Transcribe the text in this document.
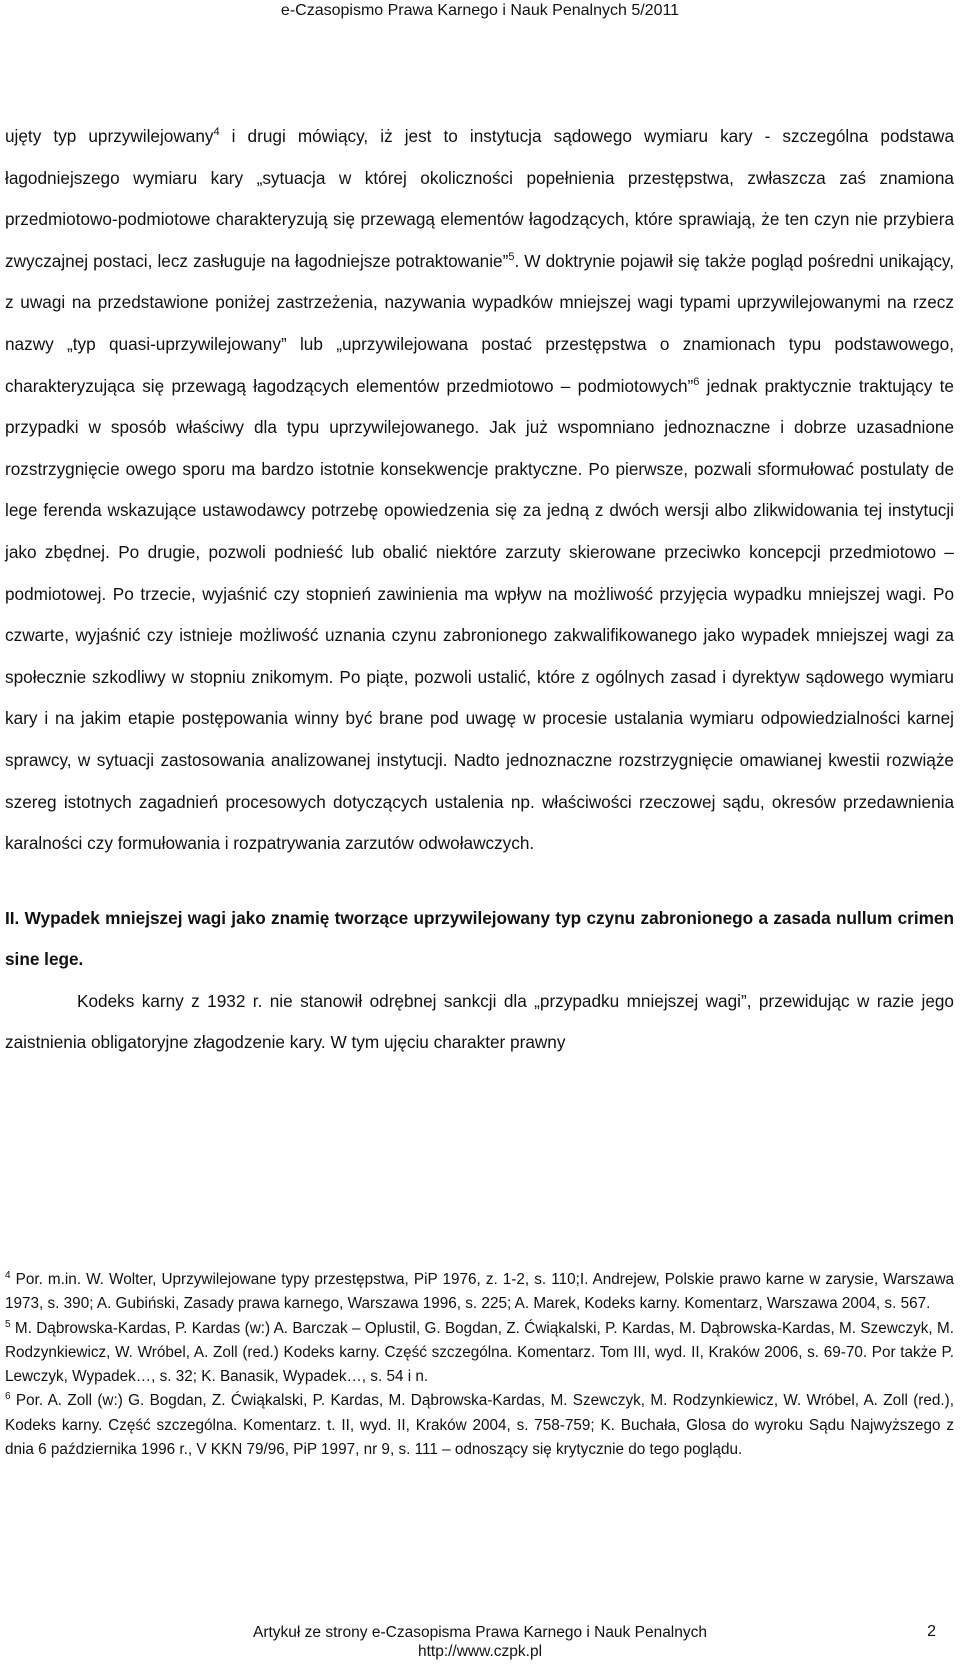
e-Czasopismo Prawa Karnego i Nauk Penalnych 5/2011

ujęty typ uprzywilejowany$^4$ i drugi mówiący, iż jest to instytucja sądowego wymiaru kary - szczególna podstawa łagodniejszego wymiaru kary „sytuacja w której okoliczności popełnienia przestępstwa, zwłaszcza zaś znamiona przedmiotowo-podmiotowe charakteryzują się przewagą elementów łagodzących, które sprawiają, że ten czyn nie przybiera zwyczajnej postaci, lecz zasługuje na łagodniejsze potraktowanie”$^5$. W doktrynie pojawił się także pogląd pośredni unikający, z uwagi na przedstawione poniżej zastrzeżenia, nazywania wypadków mniejszej wagi typami uprzywilejowanymi na rzecz nazwy „typ quasi-uprzywilejowany” lub „uprzywilejowana postać przestępstwa o znamionach typu podstawowego, charakteryzująca się przewagą łagodzących elementów przedmiotowo – podmiotowych”$^6$ jednak praktycznie traktujący te przypadki w sposób właściwy dla typu uprzywilejowanego. Jak już wspomniano jednoznaczne i dobrze uzasadnione rozstrzygnięcie owego sporu ma bardzo istotnie konsekwencje praktyczne. Po pierwsze, pozwali sformułować postulaty de lege ferenda wskazujące ustawodawcy potrzebę opowiedzenia się za jedną z dwóch wersji albo zlikwidowania tej instytucji jako zbędnej. Po drugie, pozwoli podnieść lub obalić niektóre zarzuty skierowane przeciwko koncepcji przedmiotowo – podmiotowej. Po trzecie, wyjaśnić czy stopnień zawinienia ma wpływ na możliwość przyjęcia wypadku mniejszej wagi. Po czwarte, wyjaśnić czy istnieje możliwość uznania czynu zabronionego zakwalifikowanego jako wypadek mniejszej wagi za społecznie szkodliwy w stopniu znikomym. Po piąte, pozwoli ustalić, które z ogólnych zasad i dyrektyw sądowego wymiaru kary i na jakim etapie postępowania winny być brane pod uwagę w procesie ustalania wymiaru odpowiedzialności karnej sprawcy, w sytuacji zastosowania analizowanej instytucji. Nadto jednoznaczne rozstrzygnięcie omawianej kwestii rozwiąże szereg istotnych zagadnień procesowych dotyczących ustalenia np. właściwości rzeczowej sądu, okresów przedawnienia karalności czy formułowania i rozpatrywania zarzutów odwoławczych.

II. Wypadek mniejszej wagi jako znamię tworzące uprzywilejowany typ czynu zabronionego a zasada nullum crimen sine lege.

Kodeks karny z 1932 r. nie stanowił odrębnej sankcji dla „przypadku mniejszej wagi”, przewidując w razie jego zaistnienia obligatoryjne złagodzenie kary. W tym ujęciu charakter prawny

$^4$ Por. m.in. W. Wolter, Uprzywilejowane typy przestępstwa, PiP 1976, z. 1-2, s. 110;I. Andrejew, Polskie prawo karne w zarysie, Warszawa 1973, s. 390; A. Gubiński, Zasady prawa karnego, Warszawa 1996, s. 225; A. Marek, Kodeks karny. Komentarz, Warszawa 2004, s. 567.

$^5$ M. Dąbrowska-Kardas, P. Kardas (w:) A. Barczak – Oplustil, G. Bogdan, Z. Ćwiąkalski, P. Kardas, M. Dąbrowska-Kardas, M. Szewczyk, M. Rodzynkiewicz, W. Wróbel, A. Zoll (red.) Kodeks karny. Część szczególna. Komentarz. Tom III, wyd. II, Kraków 2006, s. 69-70. Por także P. Lewczyk, Wypadek…, s. 32; K. Banasik, Wypadek…, s. 54 i n.

$^6$ Por. A. Zoll (w:) G. Bogdan, Z. Ćwiąkalski, P. Kardas, M. Dąbrowska-Kardas, M. Szewczyk, M. Rodzynkiewicz, W. Wróbel, A. Zoll (red.), Kodeks karny. Część szczególna. Komentarz. t. II, wyd. II, Kraków 2004, s. 758-759; K. Buchała, Glosa do wyroku Sądu Najwyższego z dnia 6 października 1996 r., V KKN 79/96, PiP 1997, nr 9, s. 111 – odnoszący się krytycznie do tego poglądu.

Artykuł ze strony e-Czasopisma Prawa Karnego i Nauk Penalnych
http://www.czpk.pl
2
